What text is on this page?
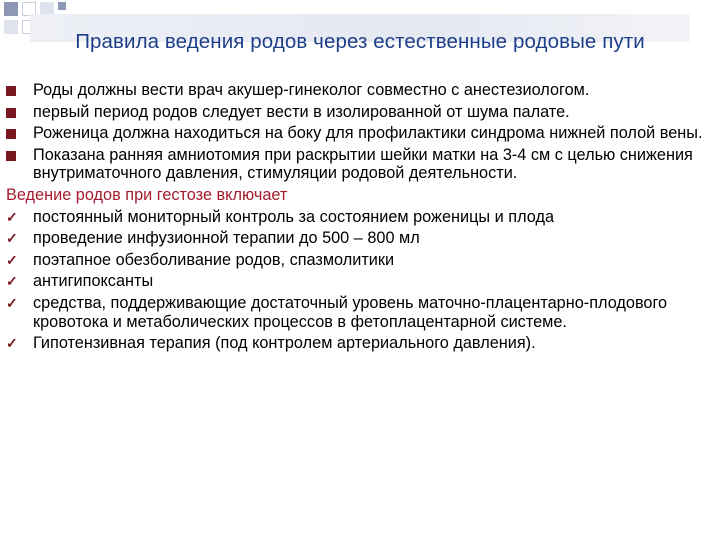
Правила ведения родов через естественные родовые пути
Роды должны вести врач акушер-гинеколог совместно с анестезиологом.
первый период родов следует вести в изолированной от шума палате.
Роженица должна находиться на боку для профилактики синдрома нижней полой вены.
Показана ранняя амниотомия при раскрытии шейки матки на 3-4 см с целью снижения внутриматочного давления, стимуляции родовой деятельности.
Ведение родов при гестозе включает
✓ постоянный мониторный контроль за состоянием роженицы и плода
✓ проведение инфузионной терапии до 500 – 800 мл
✓ поэтапное обезболивание родов, спазмолитики
✓ антигипоксанты
✓ средства, поддерживающие достаточный уровень маточно-плацентарно-плодового кровотока и метаболических процессов в фетоплацентарной системе.
✓ Гипотензивная терапия (под контролем артериального давления).
